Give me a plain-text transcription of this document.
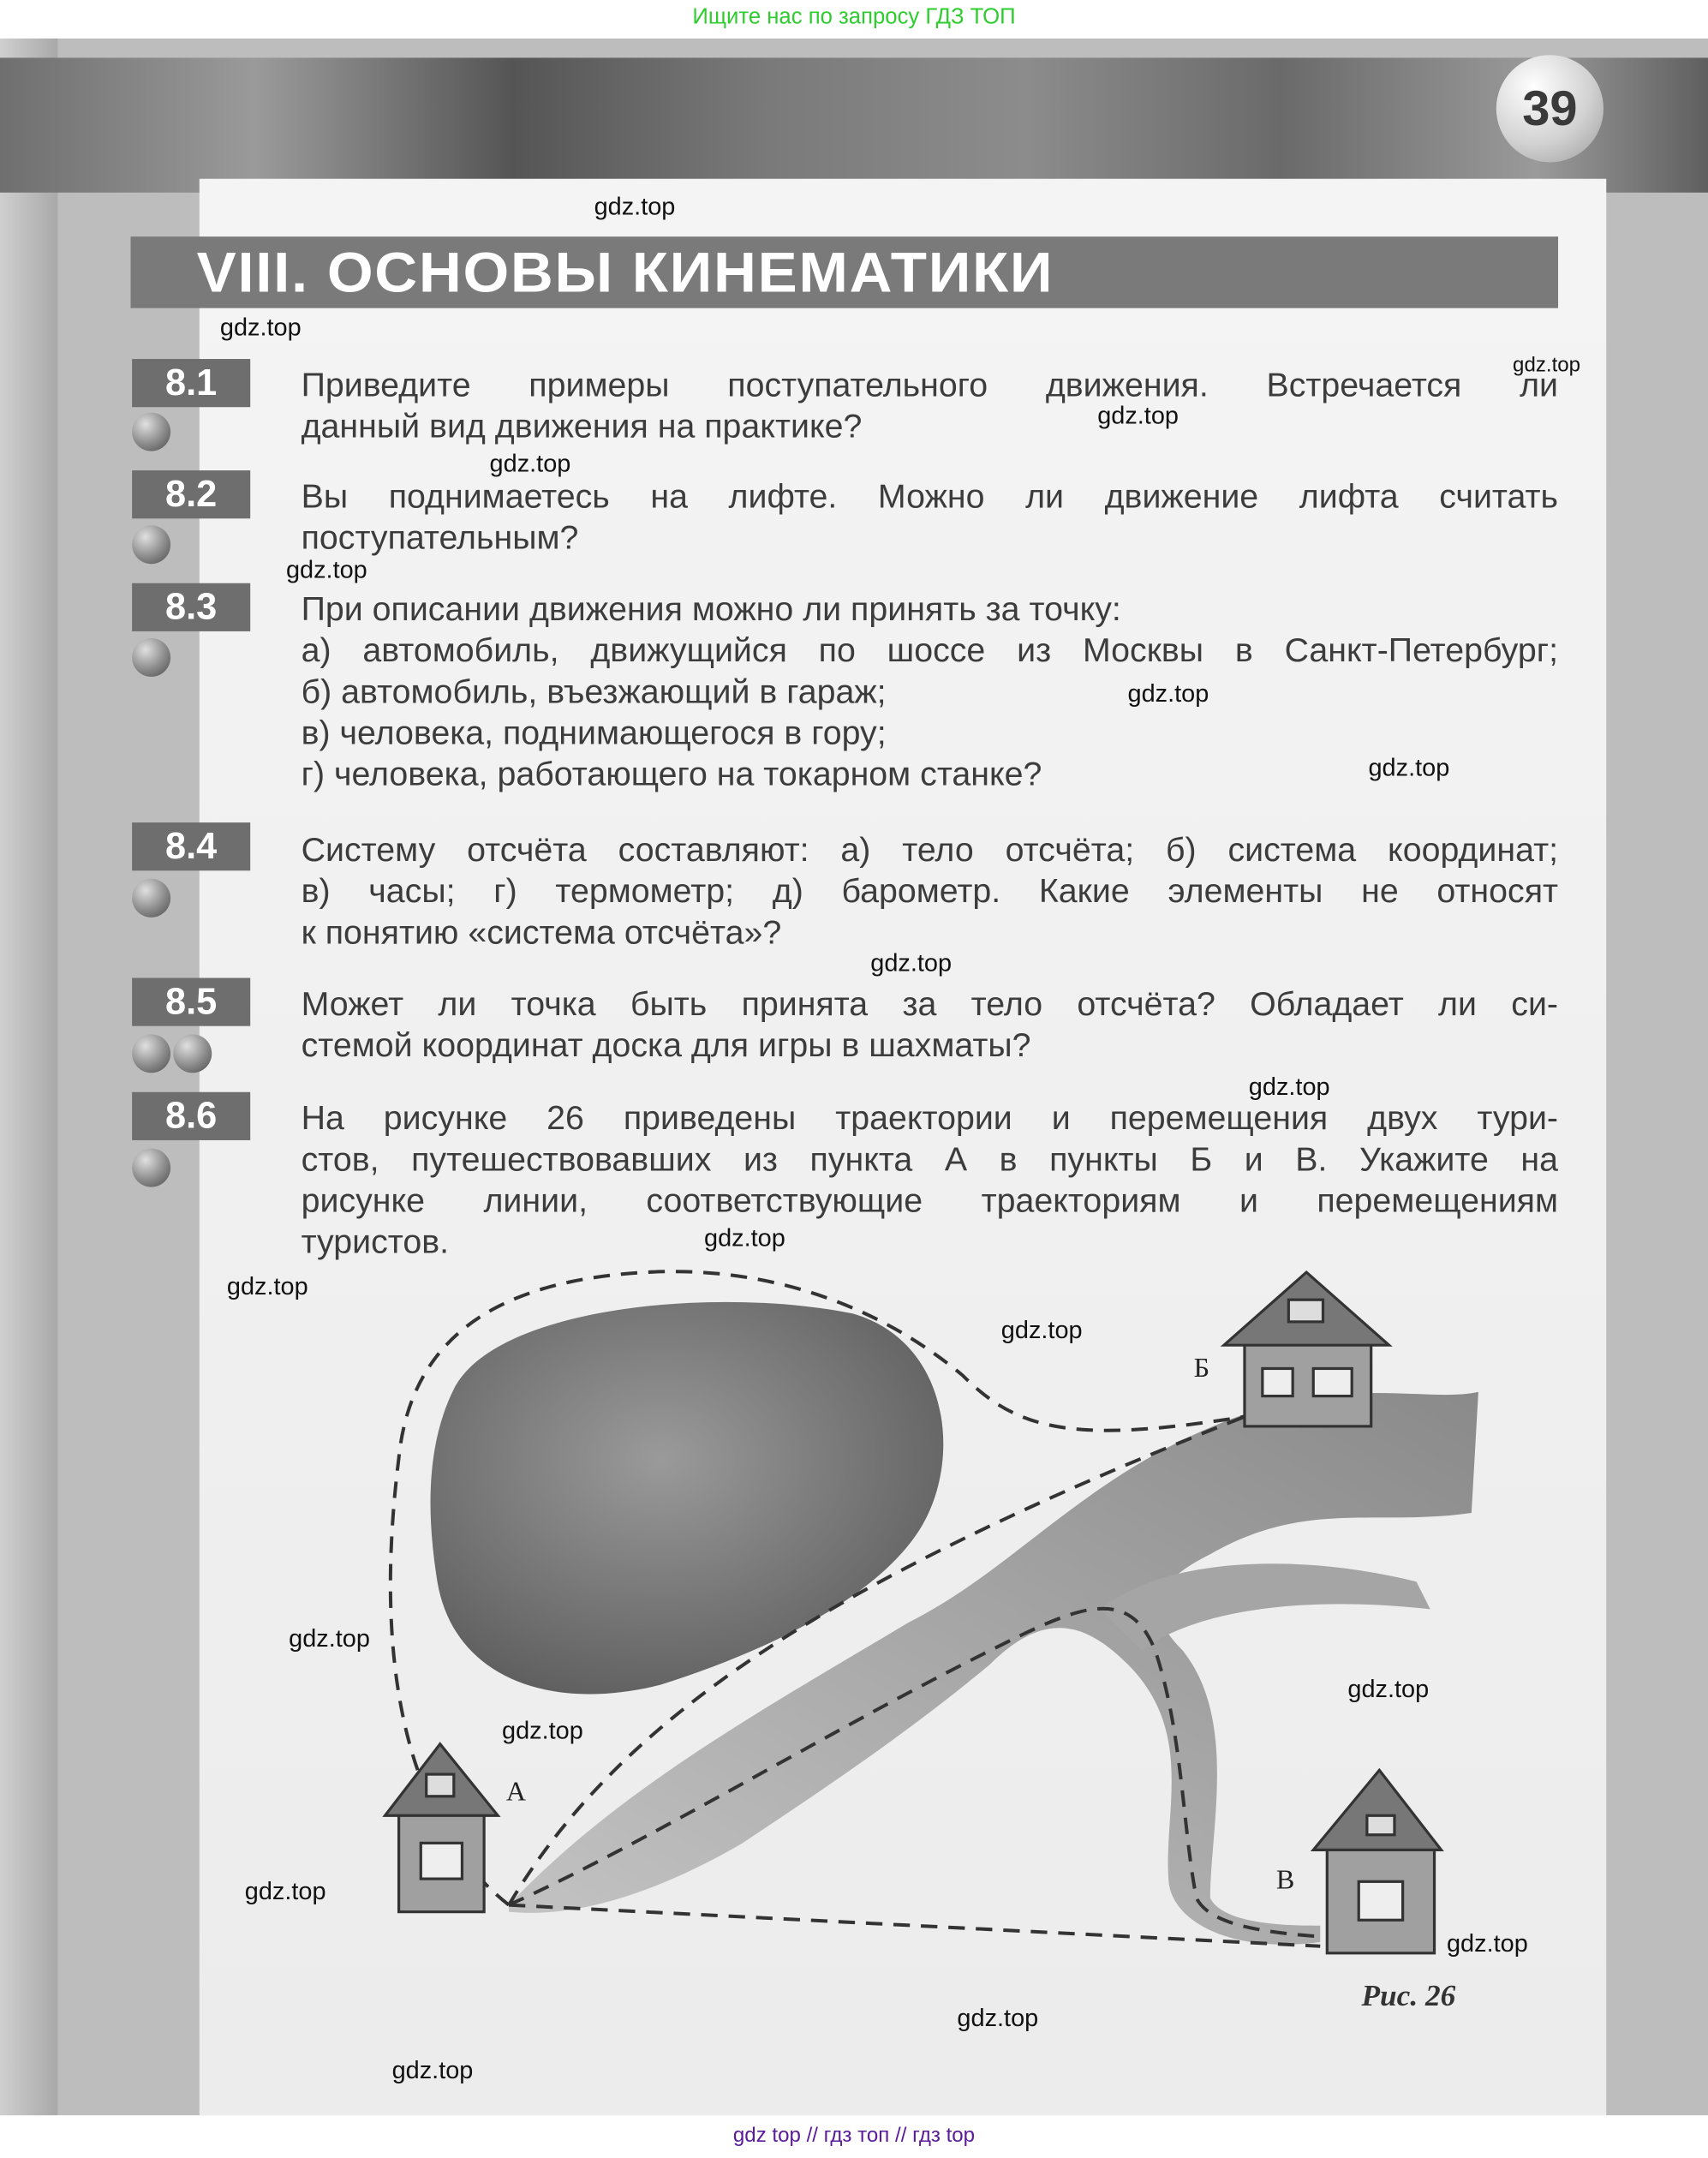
Ищите нас по запросу ГДЗ ТОП
39
VIII. ОСНОВЫ КИНЕМАТИКИ
8.1	Приведите примеры поступательного движения. Встречается ли
данный вид движения на практике?
8.2	Вы поднимаетесь на лифте. Можно ли движение лифта считать
поступательным?
8.3	При описании движения можно ли принять за точку:
а) автомобиль, движущийся по шоссе из Москвы в Санкт-Петербург;
б) автомобиль, въезжающий в гараж;
в) человека, поднимающегося в гору;
г) человека, работающего на токарном станке?
8.4	Систему отсчёта составляют: а) тело отсчёта; б) система координат;
в) часы; г) термометр; д) барометр. Какие элементы не относят
к понятию «система отсчёта»?
8.5	Может ли точка быть принята за тело отсчёта? Обладает ли си-
стемой координат доска для игры в шахматы?
8.6	На рисунке 26 приведены траектории и перемещения двух тури-
стов, путешествовавших из пункта А в пункты Б и В. Укажите на
рисунке линии, соответствующие траекториям и перемещениям
туристов.
Б
А
В
Рис. 26
gdz.top
gdz.top
gdz.top
gdz.top
gdz.top
gdz.top
gdz.top
gdz.top
gdz.top
gdz.top
gdz.top
gdz.top
gdz.top
gdz.top
gdz.top
gdz.top
gdz.top
gdz.top
gdz.top
gdz.top
gdz top // гдз топ // гдз top
